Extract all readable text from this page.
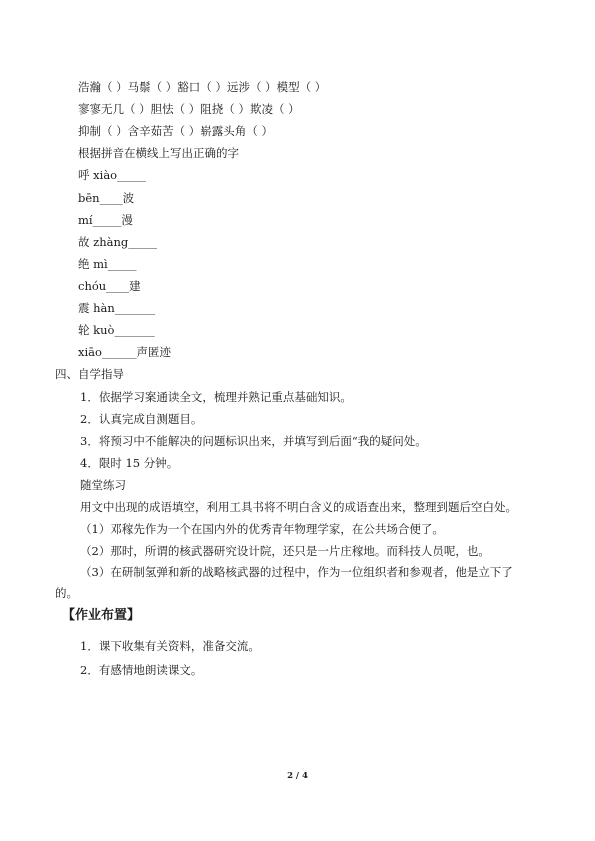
浩瀚（ ）马鬃（ ）豁口（ ）远涉（ ）模型（ ）
寥寥无几（ ）胆怯（ ）阻挠（ ）欺凌（ ）
抑制（ ）含辛茹苦（ ）崭露头角（ ）
根据拼音在横线上写出正确的字
呼 xiào_____
bēn____波
mí_____漫
故 zhàng_____
绝 mì_____
chóu____建
震 hàn_______
轮 kuò_______
xiāo______声匿迹
四、自学指导
1．依据学习案通读全文，梳理并熟记重点基础知识。
2．认真完成自测题目。
3．将预习中不能解决的问题标识出来，并填写到后面“我的疑问处。
4．限时 15 分钟。
随堂练习
用文中出现的成语填空，利用工具书将不明白含义的成语查出来，整理到题后空白处。
（1）邓稼先作为一个在国内外的优秀青年物理学家，在公共场合便了。
（2）那时，所谓的核武器研究设计院，还只是一片庄稼地。而科技人员呢，也。
（3）在研制氢弹和新的战略核武器的过程中，作为一位组织者和参观者，他是立下了的。
【作业布置】
1．课下收集有关资料，准备交流。
2．有感情地朗读课文。
2 / 4
